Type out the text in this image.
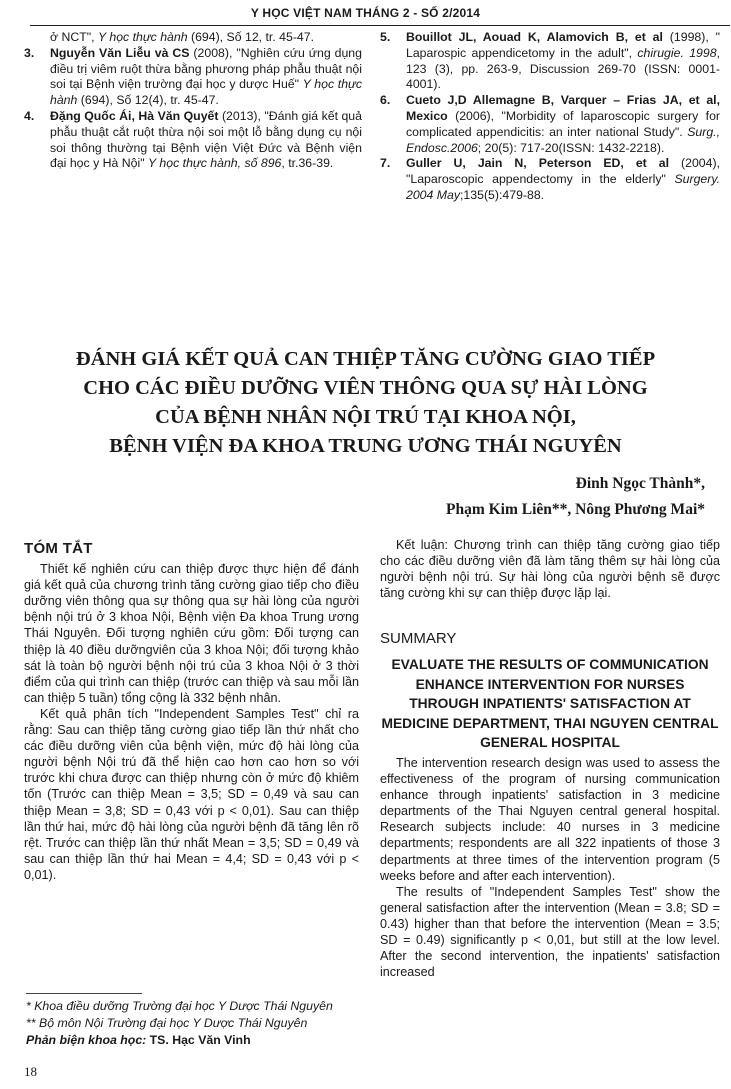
Y HỌC VIỆT NAM THÁNG 2 - SỐ 2/2014
ở NCT", Y học thực hành (694), Số 12, tr. 45-47.
3.	Nguyễn Văn Liễu và CS (2008), "Nghiên cứu ứng dụng điều trị viêm ruột thừa bằng phương pháp phẫu thuật nội soi tại Bệnh viện trường đại học y dược Huế" Y học thực hành (694), Số 12(4), tr. 45-47.
4.	Đặng Quốc Ái, Hà Văn Quyết (2013), "Đánh giá kết quả phẫu thuật cắt ruột thừa nội soi một lỗ bằng dụng cụ nội soi thông thường tại Bệnh viện Việt Đức và Bệnh viện đại học y Hà Nội" Y học thực hành, số 896, tr.36-39.
5.	Bouillot JL, Aouad K, Alamovich B, et al (1998), " Laparospic appendicetomy in the adult", chirugie. 1998, 123 (3), pp. 263-9, Discussion 269-70 (ISSN: 0001-4001).
6.	Cueto J,D Allemagne B, Varquer – Frias JA, et al, Mexico (2006), "Morbidity of laparoscopic surgery for complicated appendicitis: an inter national Study". Surg., Endosc.2006; 20(5): 717-20(ISSN: 1432-2218).
7.	Guller U, Jain N, Peterson ED, et al (2004), "Laparoscopic appendectomy in the elderly" Surgery. 2004 May;135(5):479-88.
ĐÁNH GIÁ KẾT QUẢ CAN THIỆP TĂNG CƯỜNG GIAO TIẾP
CHO CÁC ĐIỀU DƯỠNG VIÊN THÔNG QUA SỰ HÀI LÒNG
CỦA BỆNH NHÂN NỘI TRÚ TẠI KHOA NỘI,
BỆNH VIỆN ĐA KHOA TRUNG ƯƠNG THÁI NGUYÊN
Đinh Ngọc Thành*,
Phạm Kim Liên**, Nông Phương Mai*
TÓM TẮT

Thiết kế nghiên cứu can thiệp được thực hiện để đánh giá kết quả của chương trình tăng cường giao tiếp cho điều dưỡng viên thông qua sự thông qua sự hài lòng của người bệnh nội trú ở 3 khoa Nội, Bệnh viện Đa khoa Trung ương Thái Nguyên. Đối tượng nghiên cứu gồm: Đối tượng can thiệp là 40 điều dưỡngviên của 3 khoa Nội; đối tượng khảo sát là toàn bộ người bệnh nội trú của 3 khoa Nội ở 3 thời điểm của qui trình can thiệp (trước can thiệp và sau mỗi lần can thiệp 5 tuần) tổng cộng là 332 bệnh nhân.

Kết quả phân tích "Independent Samples Test" chỉ ra rằng: Sau can thiệp tăng cường giao tiếp lần thứ nhất cho các điều dưỡng viên của bệnh viện, mức độ hài lòng của người bệnh Nội trú đã thể hiện cao hơn cao hơn so với trước khi chưa được can thiệp nhưng còn ở mức độ khiêm tốn (Trước can thiệp Mean = 3,5; SD = 0,49 và sau can thiệp Mean = 3,8; SD = 0,43 với p < 0,01). Sau can thiệp lần thứ hai, mức độ hài lòng của người bệnh đã tăng lên rõ rệt. Trước can thiệp lần thứ nhất Mean = 3,5; SD = 0,49 và sau can thiệp lần thứ hai Mean = 4,4; SD = 0,43 với p < 0,01).

Kết luận: Chương trình can thiệp tăng cường giao tiếp cho các điều dưỡng viên đã làm tăng thêm sự hài lòng của người bệnh nội trú. Sự hài lòng của người bệnh sẽ được tăng cường khi sự can thiệp được lặp lại.

SUMMARY
EVALUATE THE RESULTS OF COMMUNICATION ENHANCE INTERVENTION FOR NURSES THROUGH INPATIENTS' SATISFACTION AT MEDICINE DEPARTMENT, THAI NGUYEN CENTRAL GENERAL HOSPITAL

The intervention research design was used to assess the effectiveness of the program of nursing communication enhance through inpatients' satisfaction in 3 medicine departments of the Thai Nguyen central general hospital. Research subjects include: 40 nurses in 3 medicine departments; respondents are all 322 inpatients of those 3 departments at three times of the intervention program (5 weeks before and after each intervention).

The results of "Independent Samples Test" show the general satisfaction after the intervention (Mean = 3.8; SD = 0.43) higher than that before the intervention (Mean = 3.5; SD = 0.49) significantly p < 0,01, but still at the low level. After the second intervention, the inpatients' satisfaction increased

* Khoa điều dưỡng Trường đại học Y Dược Thái Nguyên
** Bộ môn Nội Trường đại học Y Dược Thái Nguyên
Phản biện khoa học: TS. Hạc Văn Vinh
18
